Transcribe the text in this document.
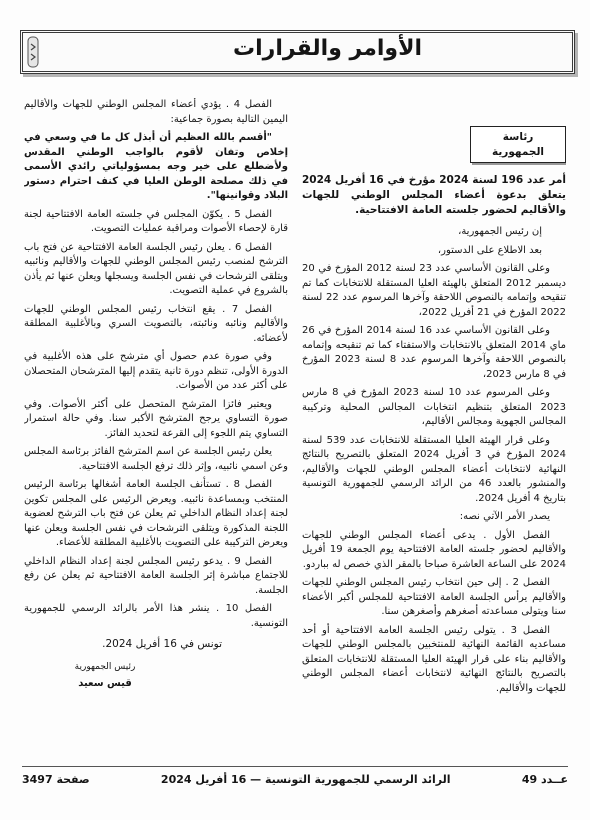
الأوامر والقرارات
رئاسة الجمهورية

أمر عدد 196 لسنة 2024 مؤرخ في 16 أفريل 2024 يتعلق بدعوة أعضاء المجلس الوطني للجهات والأقاليم لحضور جلسته العامة الافتتاحية.

إن رئيس الجمهورية،

بعد الاطلاع على الدستور،

وعلى القانون الأساسي عدد 23 لسنة 2012 المؤرخ في 20 ديسمبر 2012 المتعلق بالهيئة العليا المستقلة للانتخابات كما تم تنقيحه وإتمامه بالنصوص اللاحقة وآخرها المرسوم عدد 22 لسنة 2022 المؤرخ في 21 أفريل 2022،

وعلى القانون الأساسي عدد 16 لسنة 2014 المؤرخ في 26 ماي 2014 المتعلق بالانتخابات والاستفتاء كما تم تنقيحه وإتمامه بالنصوص اللاحقة وآخرها المرسوم عدد 8 لسنة 2023 المؤرخ في 8 مارس 2023،

وعلى المرسوم عدد 10 لسنة 2023 المؤرخ في 8 مارس 2023 المتعلق بتنظيم انتخابات المجالس المحلية وتركيبة المجالس الجهوية ومجالس الأقاليم،

وعلى قرار الهيئة العليا المستقلة للانتخابات عدد 539 لسنة 2024 المؤرخ في 3 أفريل 2024 المتعلق بالتصريح بالنتائج النهائية لانتخابات أعضاء المجلس الوطني للجهات والأقاليم، والمنشور بالعدد 46 من الرائد الرسمي للجمهورية التونسية بتاريخ 4 أفريل 2024.

يصدر الأمر الآتي نصه:

الفصل الأول . يدعى أعضاء المجلس الوطني للجهات والأقاليم لحضور جلسته العامة الافتتاحية يوم الجمعة 19 أفريل 2024 على الساعة العاشرة صباحا بالمقر الذي خصص له بباردو.

الفصل 2 . إلى حين انتخاب رئيس المجلس الوطني للجهات والأقاليم يرأس الجلسة العامة الافتتاحية للمجلس أكبر الأعضاء سنا ويتولى مساعدته أصغرهم وأصغرهن سنا.

الفصل 3 . يتولى رئيس الجلسة العامة الافتتاحية أو أحد مساعديه القائمة النهائية للمنتخبين بالمجلس الوطني للجهات والأقاليم بناء على قرار الهيئة العليا المستقلة للانتخابات المتعلق بالتصريح بالنتائج النهائية لانتخابات أعضاء المجلس الوطني للجهات والأقاليم.

الفصل 4 . يؤدي أعضاء المجلس الوطني للجهات والأقاليم اليمين التالية بصورة جماعية:

"أقسم بالله العظيم أن أبذل كل ما في وسعي في إخلاص وتفان لأقوم بالواجب الوطني المقدس ولأضطلع على خير وجه بمسؤولياتي رائدي الأسمى في ذلك مصلحة الوطن العليا في كنف احترام دستور البلاد وقوانينها".

الفصل 5 . يكوّن المجلس في جلسته العامة الافتتاحية لجنة قارة لإحصاء الأصوات ومراقبة عمليات التصويت.

الفصل 6 . يعلن رئيس الجلسة العامة الافتتاحية عن فتح باب الترشح لمنصب رئيس المجلس الوطني للجهات والأقاليم ونائبيه ويتلقى الترشحات في نفس الجلسة ويسجلها ويعلن عنها ثم يأذن بالشروع في عملية التصويت.

الفصل 7 . يقع انتخاب رئيس المجلس الوطني للجهات والأقاليم ونائبه ونائبته، بالتصويت السري وبالأغلبية المطلقة لأعضائه.

وفي صورة عدم حصول أي مترشح على هذه الأغلبية في الدورة الأولى، تنظم دورة ثانية يتقدم إليها المترشحان المتحصلان على أكثر عدد من الأصوات.

ويعتبر فائزا المترشح المتحصل على أكثر الأصوات. وفي صورة التساوي يرجح المترشح الأكبر سنا. وفي حالة استمرار التساوي يتم اللجوء إلى القرعة لتحديد الفائز.

يعلن رئيس الجلسة عن اسم المترشح الفائز برئاسة المجلس وعن اسمي نائبيه، وإثر ذلك ترفع الجلسة الافتتاحية.

الفصل 8 . تستأنف الجلسة العامة أشغالها برئاسة الرئيس المنتخب وبمساعدة نائبيه. ويعرض الرئيس على المجلس تكوين لجنة إعداد النظام الداخلي ثم يعلن عن فتح باب الترشح لعضوية اللجنة المذكورة ويتلقى الترشحات في نفس الجلسة ويعلن عنها ويعرض التركيبة على التصويت بالأغلبية المطلقة للأعضاء.

الفصل 9 . يدعو رئيس المجلس لجنة إعداد النظام الداخلي للاجتماع مباشرة إثر الجلسة العامة الافتتاحية ثم يعلن عن رفع الجلسة.

الفصل 10 . ينشر هذا الأمر بالرائد الرسمي للجمهورية التونسية.

تونس في 16 أفريل 2024.

رئيس الجمهورية
قيس سعيد
عــدد 49
الرائد الرسمي للجمهورية التونسية — 16 أفريل 2024
صفحة 3497
